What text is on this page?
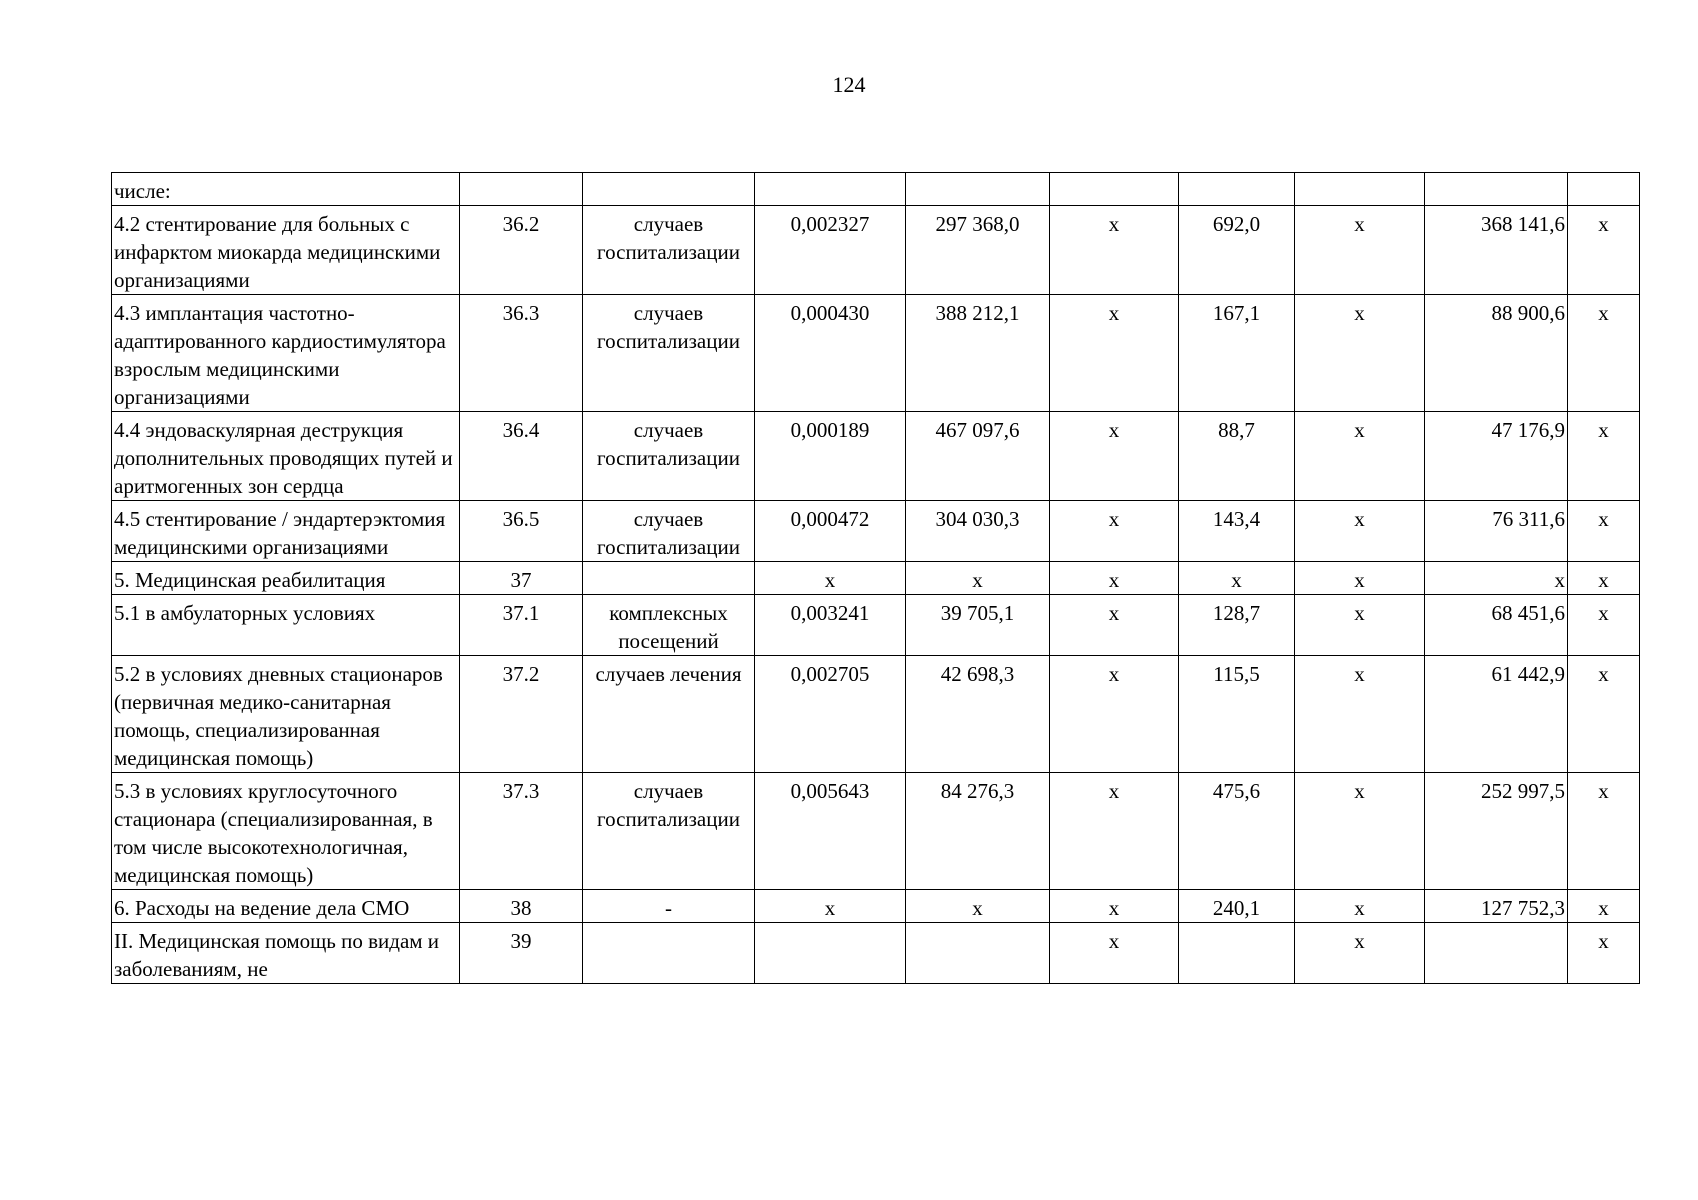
124
числе:									
4.2 стентирование для больных с инфарктом миокарда медицинскими организациями	36.2	случаев госпитализации	0,002327	297 368,0	x	692,0	x	368 141,6	x
4.3 имплантация частотно-адаптированного кардиостимулятора взрослым медицинскими организациями	36.3	случаев госпитализации	0,000430	388 212,1	x	167,1	x	88 900,6	x
4.4 эндоваскулярная деструкция дополнительных проводящих путей и аритмогенных зон сердца	36.4	случаев госпитализации	0,000189	467 097,6	x	88,7	x	47 176,9	x
4.5 стентирование / эндартерэктомия медицинскими организациями	36.5	случаев госпитализации	0,000472	304 030,3	x	143,4	x	76 311,6	x
5. Медицинская реабилитация	37		x	x	x	x	x	x	x
5.1 в амбулаторных условиях	37.1	комплексных посещений	0,003241	39 705,1	x	128,7	x	68 451,6	x
5.2 в условиях дневных стационаров (первичная медико-санитарная помощь, специализированная медицинская помощь)	37.2	случаев лечения	0,002705	42 698,3	x	115,5	x	61 442,9	x
5.3 в условиях круглосуточного стационара (специализированная, в том числе высокотехнологичная, медицинская помощь)	37.3	случаев госпитализации	0,005643	84 276,3	x	475,6	x	252 997,5	x
6. Расходы на ведение дела СМО	38	-	x	x	x	240,1	x	127 752,3	x
II. Медицинская помощь по видам и заболеваниям, не	39				x		x		x
